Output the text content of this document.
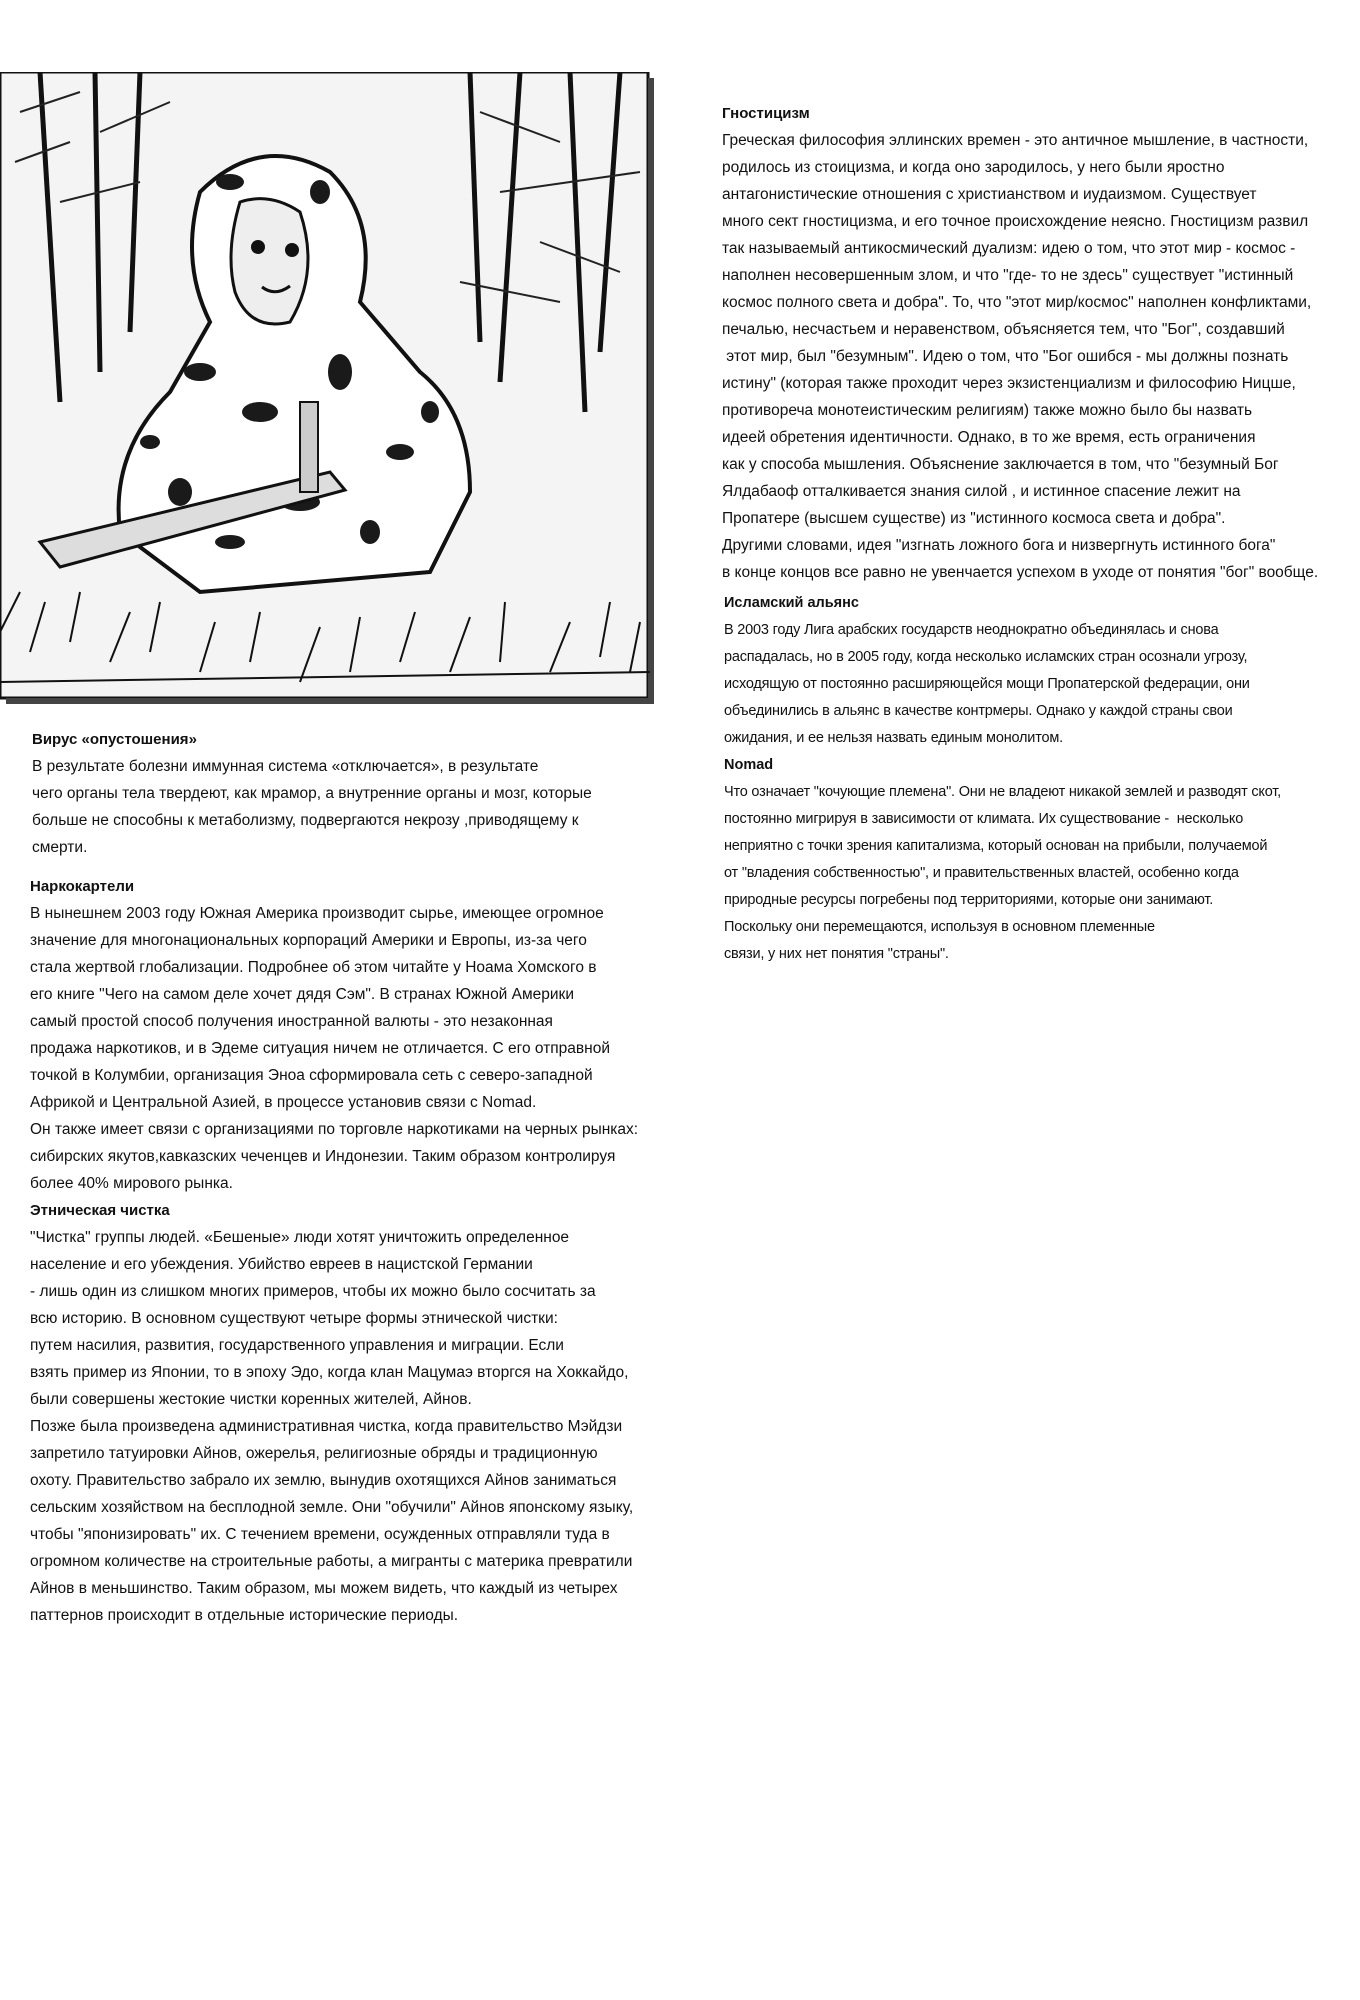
Вирус «опустошения»
В результате болезни иммунная система «отключается», в результате
чего органы тела твердеют, как мрамор, а внутренние органы и мозг, которые
больше не способны к метаболизму, подвергаются некрозу ,приводящему к
смерти.
Наркокартели
В нынешнем 2003 году Южная Америка производит сырье, имеющее огромное
значение для многонациональных корпораций Америки и Европы, из-за чего
стала жертвой глобализации. Подробнее об этом читайте у Ноама Хомского в
его книге "Чего на самом деле хочет дядя Сэм". В странах Южной Америки
самый простой способ получения иностранной валюты - это незаконная
продажа наркотиков, и в Эдеме ситуация ничем не отличается. С его отправной
точкой в Колумбии, организация Эноа сформировала сеть с северо-западной
Африкой и Центральной Азией, в процессе установив связи с Nomad.
Он также имеет связи с организациями по торговле наркотиками на черных рынках:
сибирских якутов,кавказских чеченцев и Индонезии. Таким образом контролируя
более 40% мирового рынка.
Этническая чистка
"Чистка" группы людей. «Бешеные» люди хотят уничтожить определенное
население и его убеждения. Убийство евреев в нацистской Германии
- лишь один из слишком многих примеров, чтобы их можно было сосчитать за
всю историю. В основном существуют четыре формы этнической чистки:
путем насилия, развития, государственного управления и миграции. Если
взять пример из Японии, то в эпоху Эдо, когда клан Мацумаэ вторгся на Хоккайдо,
были совершены жестокие чистки коренных жителей, Айнов.
Позже была произведена административная чистка, когда правительство Мэйдзи
запретило татуировки Айнов, ожерелья, религиозные обряды и традиционную
охоту. Правительство забрало их землю, вынудив охотящихся Айнов заниматься
сельским хозяйством на бесплодной земле. Они "обучили" Айнов японскому языку,
чтобы "японизировать" их. С течением времени, осужденных отправляли туда в
огромном количестве на строительные работы, а мигранты с материка превратили
Айнов в меньшинство. Таким образом, мы можем видеть, что каждый из четырех
паттернов происходит в отдельные исторические периоды.
Гностицизм
Греческая философия эллинских времен - это античное мышление, в частности,
родилось из стоицизма, и когда оно зародилось, у него были яростно
антагонистические отношения с христианством и иудаизмом. Существует
много сект гностицизма, и его точное происхождение неясно. Гностицизм развил
так называемый антикосмический дуализм: идею о том, что этот мир - космос -
наполнен несовершенным злом, и что "где- то не здесь" существует "истинный
космос полного света и добра". То, что "этот мир/космос" наполнен конфликтами,
печалью, несчастьем и неравенством, объясняется тем, что "Бог", создавший
этот мир, был "безумным". Идею о том, что "Бог ошибся - мы должны познать
истину" (которая также проходит через экзистенциализм и философию Ницше,
противореча монотеистическим религиям) также можно было бы назвать
идеей обретения идентичности. Однако, в то же время, есть ограничения
как у способа мышления. Объяснение заключается в том, что "безумный Бог
Ялдабаоф отталкивается знания силой , и истинное спасение лежит на
Пропатере (высшем существе) из "истинного космоса света и добра".
Другими словами, идея "изгнать ложного бога и низвергнуть истинного бога"
в конце концов все равно не увенчается успехом в уходе от понятия "бог" вообще.
Исламский альянс
В 2003 году Лига арабских государств неоднократно объединялась и снова
распадалась, но в 2005 году, когда несколько исламских стран осознали угрозу,
исходящую от постоянно расширяющейся мощи Пропатерской федерации, они
объединились в альянс в качестве контрмеры. Однако у каждой страны свои
ожидания, и ее нельзя назвать единым монолитом.
Nomad
Что означает "кочующие племена". Они не владеют никакой землей и разводят скот,
постоянно мигрируя в зависимости от климата. Их существование -  несколько
неприятно с точки зрения капитализма, который основан на прибыли, получаемой
от "владения собственностью", и правительственных властей, особенно когда
природные ресурсы погребены под территориями, которые они занимают.
Поскольку они перемещаются, используя в основном племенные
связи, у них нет понятия "страны".
